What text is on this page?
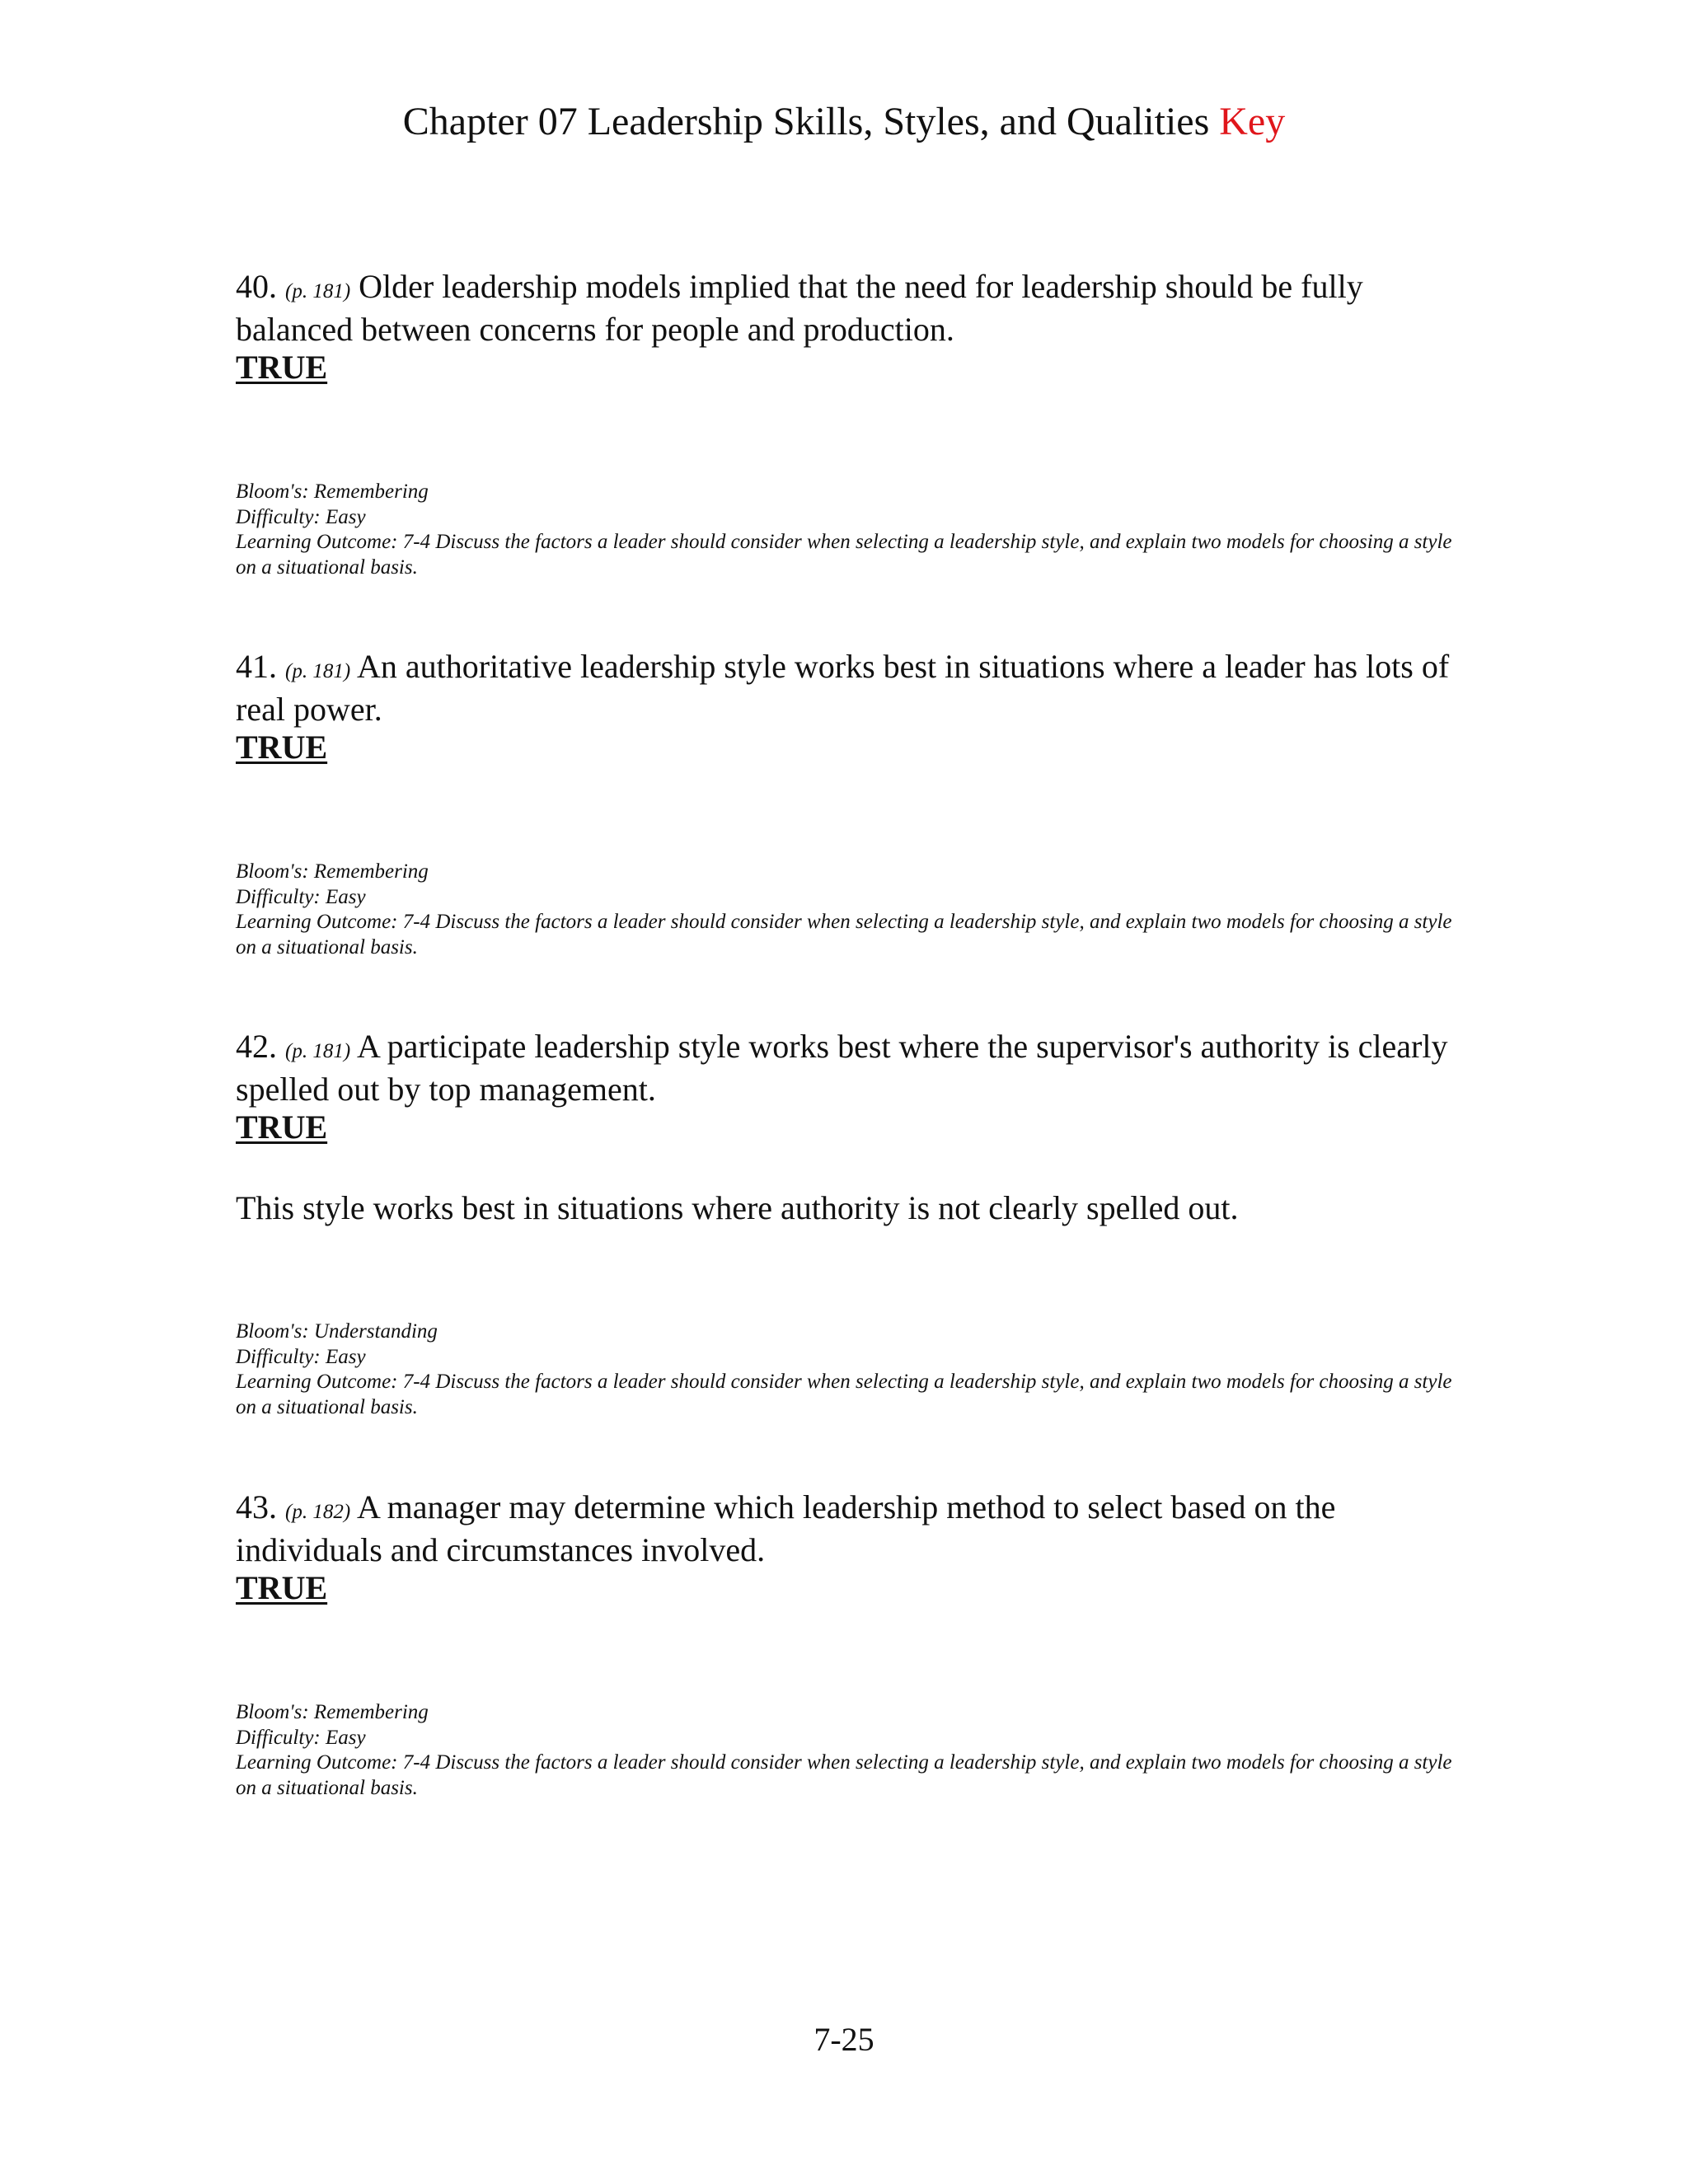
Chapter 07 Leadership Skills, Styles, and Qualities Key
40. (p. 181) Older leadership models implied that the need for leadership should be fully balanced between concerns for people and production.
TRUE
Bloom's: Remembering
Difficulty: Easy
Learning Outcome: 7-4 Discuss the factors a leader should consider when selecting a leadership style, and explain two models for choosing a style on a situational basis.
41. (p. 181) An authoritative leadership style works best in situations where a leader has lots of real power.
TRUE
Bloom's: Remembering
Difficulty: Easy
Learning Outcome: 7-4 Discuss the factors a leader should consider when selecting a leadership style, and explain two models for choosing a style on a situational basis.
42. (p. 181) A participate leadership style works best where the supervisor's authority is clearly spelled out by top management.
TRUE
This style works best in situations where authority is not clearly spelled out.
Bloom's: Understanding
Difficulty: Easy
Learning Outcome: 7-4 Discuss the factors a leader should consider when selecting a leadership style, and explain two models for choosing a style on a situational basis.
43. (p. 182) A manager may determine which leadership method to select based on the individuals and circumstances involved.
TRUE
Bloom's: Remembering
Difficulty: Easy
Learning Outcome: 7-4 Discuss the factors a leader should consider when selecting a leadership style, and explain two models for choosing a style on a situational basis.
7-25
